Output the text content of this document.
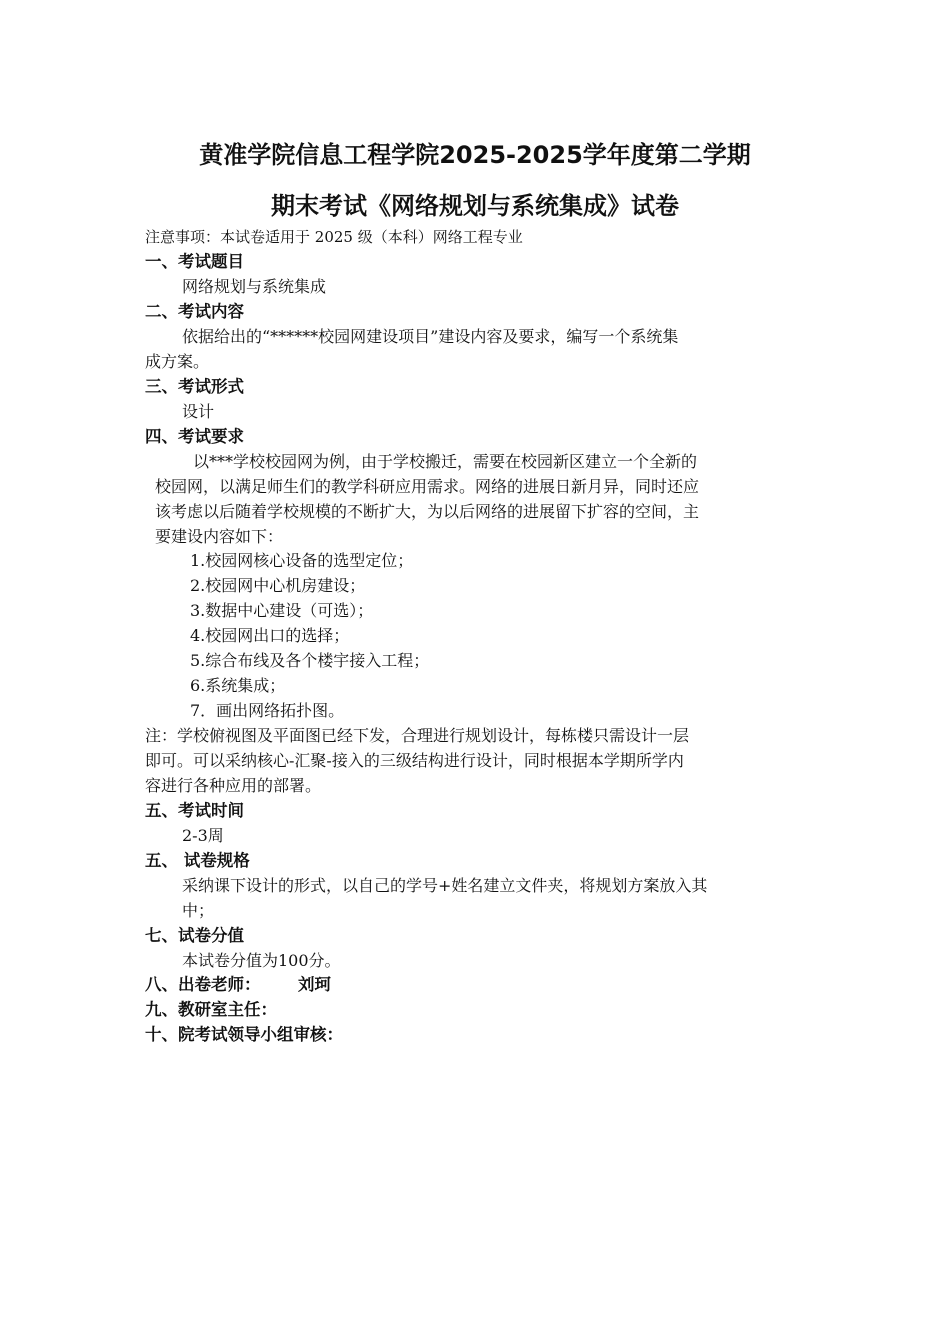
黄准学院信息工程学院2025-2025学年度第二学期
期末考试《网络规划与系统集成》试卷
注意事项：本试卷适用于 2025 级（本科）网络工程专业
一、考试题目
网络规划与系统集成
二、考试内容
依据给出的“******校园网建设项目”建设内容及要求，编写一个系统集
成方案。
三、考试形式
设计
四、考试要求
以***学校校园网为例，由于学校搬迁，需要在校园新区建立一个全新的
校园网，以满足师生们的教学科研应用需求。网络的进展日新月异，同时还应
该考虑以后随着学校规模的不断扩大，为以后网络的进展留下扩容的空间，主
要建设内容如下：
1.校园网核心设备的选型定位；
2.校园网中心机房建设；
3.数据中心建设（可选）；
4.校园网出口的选择；
5.综合布线及各个楼宇接入工程；
6.系统集成；
7．画出网络拓扑图。
注：学校俯视图及平面图已经下发，合理进行规划设计，每栋楼只需设计一层
即可。可以采纳核心-汇聚-接入的三级结构进行设计，同时根据本学期所学内
容进行各种应用的部署。
五、考试时间
2-3周
五、 试卷规格
采纳课下设计的形式，以自己的学号+姓名建立文件夹，将规划方案放入其
中；
七、试卷分值
本试卷分值为100分。
八、出卷老师： 刘珂
九、教研室主任：
十、院考试领导小组审核：
